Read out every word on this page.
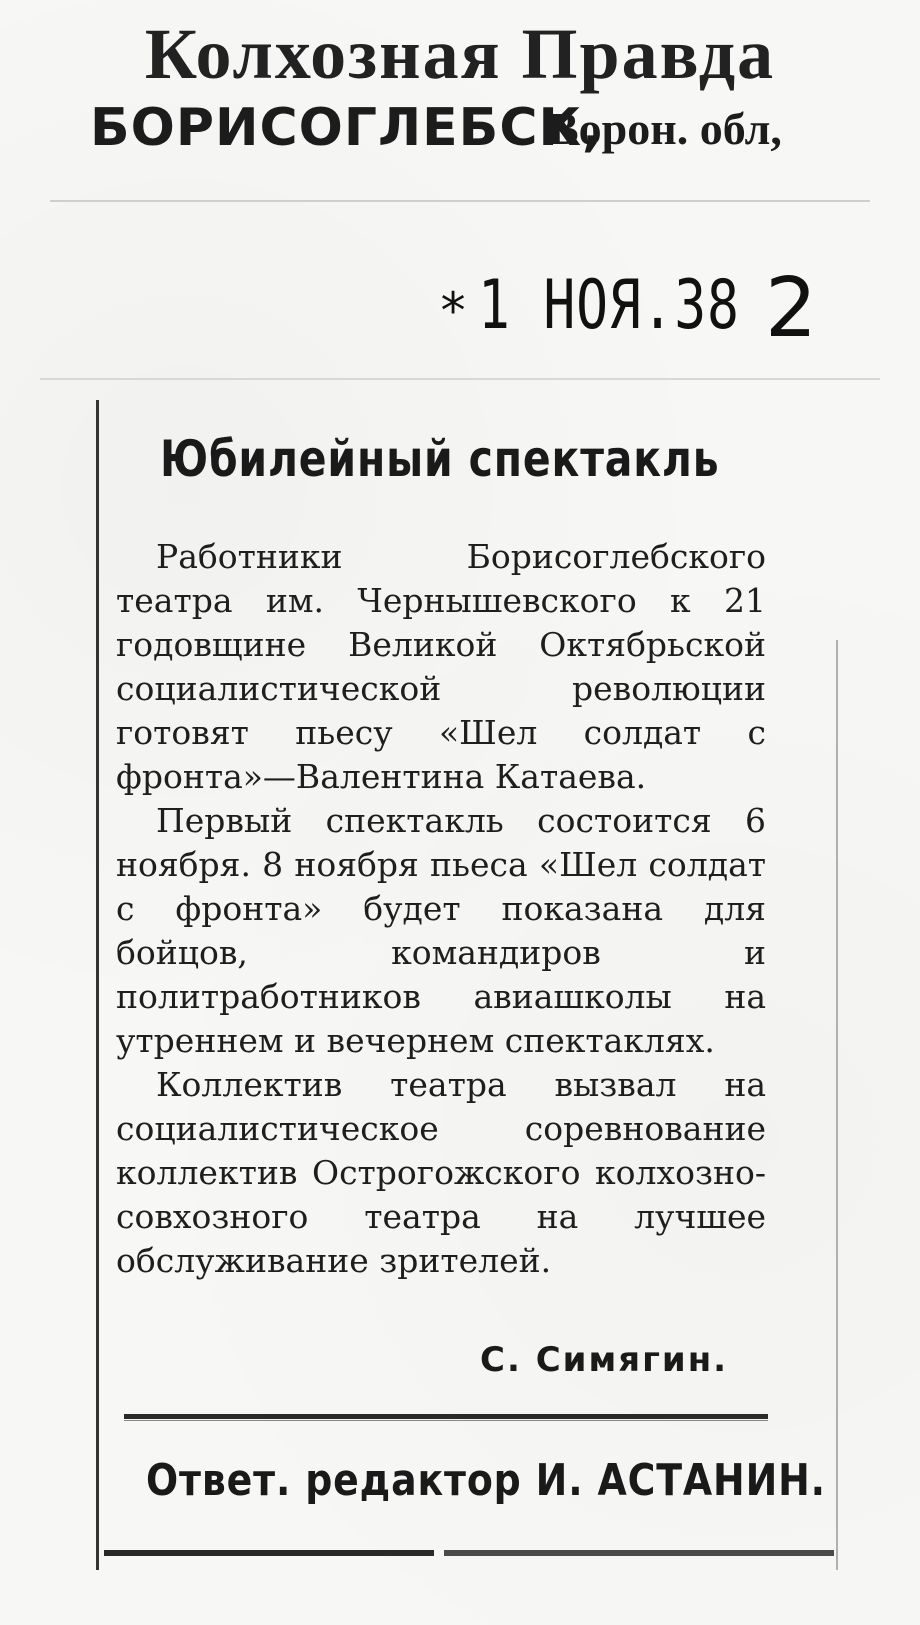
Колхозная Правда
БОРИСОГЛЕБСК,
Ворон. обл,
* 1 НОЯ.38 2
Юбилейный спектакль

Работники Борисоглебского театра им. Чернышевского к 21 годовщине Великой Октябрьской социалистической революции готовят пьесу «Шел солдат с фронта»—Валентина Катаева.

Первый спектакль состоится 6 ноября. 8 ноября пьеса «Шел солдат с фронта» будет показана для бойцов, командиров и политработников авиашколы на утреннем и вечернем спектаклях.

Коллектив театра вызвал на социалистическое соревнование коллектив Острогожского колхозно-совхозного театра на лучшее обслуживание зрителей.

С. Симягин.
Ответ. редактор И. АСТАНИН.
